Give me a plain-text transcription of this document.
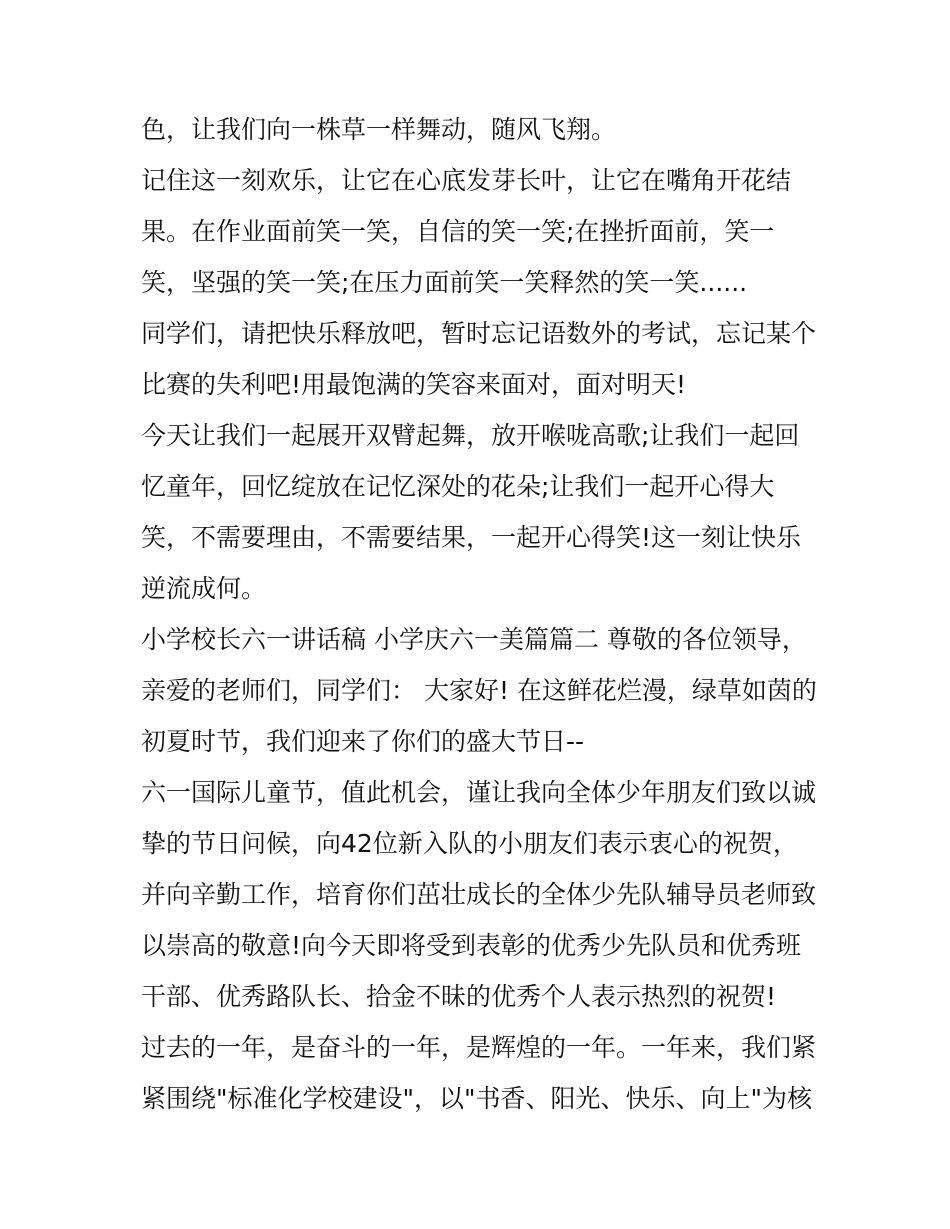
色，让我们向一株草一样舞动，随风飞翔。
记住这一刻欢乐，让它在心底发芽长叶，让它在嘴角开花结
果。在作业面前笑一笑，自信的笑一笑;在挫折面前，笑一
笑，坚强的笑一笑;在压力面前笑一笑释然的笑一笑......
同学们，请把快乐释放吧，暂时忘记语数外的考试，忘记某个
比赛的失利吧!用最饱满的笑容来面对，面对明天!
今天让我们一起展开双臂起舞，放开喉咙高歌;让我们一起回
忆童年，回忆绽放在记忆深处的花朵;让我们一起开心得大
笑，不需要理由，不需要结果，一起开心得笑!这一刻让快乐
逆流成何。
小学校长六一讲话稿 小学庆六一美篇篇二 尊敬的各位领导，
亲爱的老师们，同学们： 大家好! 在这鲜花烂漫，绿草如茵的
初夏时节，我们迎来了你们的盛大节日--
六一国际儿童节，值此机会，谨让我向全体少年朋友们致以诚
挚的节日问候，向42位新入队的小朋友们表示衷心的祝贺，
并向辛勤工作，培育你们茁壮成长的全体少先队辅导员老师致
以崇高的敬意!向今天即将受到表彰的优秀少先队员和优秀班
干部、优秀路队长、拾金不昧的优秀个人表示热烈的祝贺!
过去的一年，是奋斗的一年，是辉煌的一年。一年来，我们紧
紧围绕"标准化学校建设"，以"书香、阳光、快乐、向上"为核
